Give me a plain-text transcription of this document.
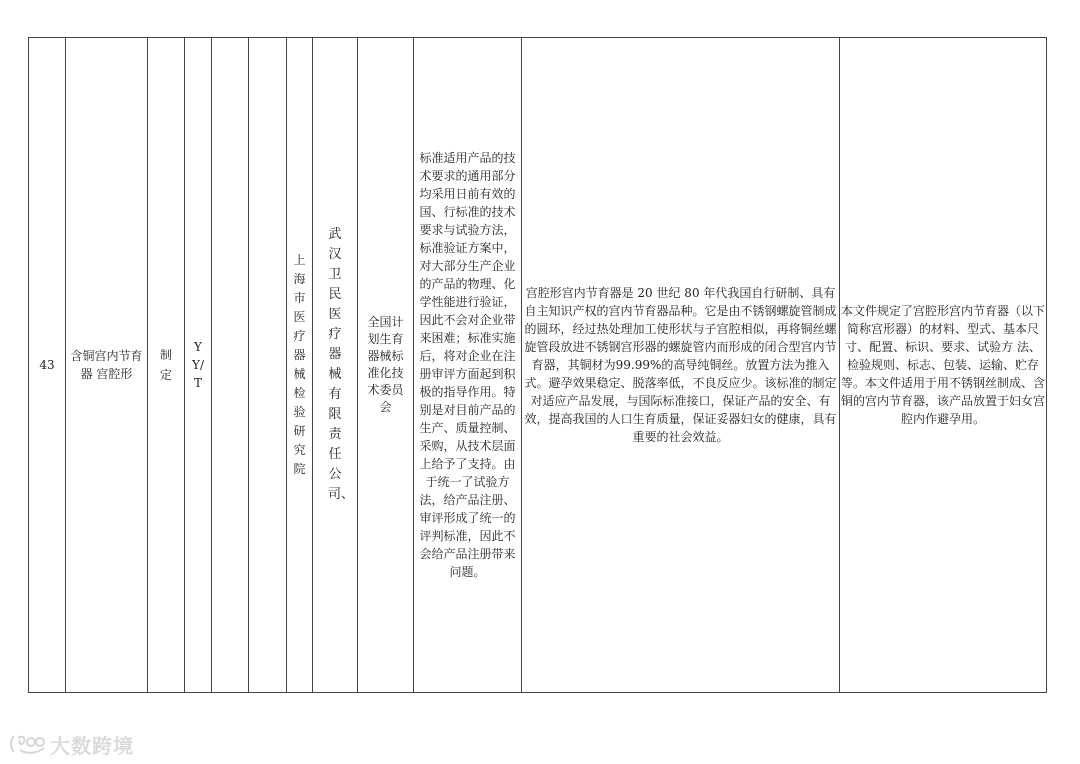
43	含铜宫内节育器 宫腔形	制定	YY/T			上海市医疗器械检验研究院	武汉卫民医疗器械有限责任公司、	全国计划生育器械标准化技术委员会	标准适用产品的技术要求的通用部分均采用日前有效的国、行标准的技术要求与试验方法， 标准验证方案中，对大部分生产企业的产品的物理、化学性能进行验证，因此不会对企业带来困难；标准实施后，将对企业在注册审评方面起到积极的指导作用。特别是对目前产品的生产、质量控制、采购，从技术层面上给予了支持。由于统一了试验方 法，给产品注册、审评形成了统一的评判标准，因此不会给产品注册带来问题。	宫腔形宫内节育器是 20 世纪 80 年代我国自行研制、具有自主知识产权的宫内节育器品种。它是由不锈钢螺旋管制成的圆环，经过热处理加工使形状与子宫腔相似，再将铜丝螺旋管段放进不锈钢宫形器的螺旋管内而形成的闭合型宫内节育器，其铜材为99.99%的高导纯铜丝。放置方法为推入式。避孕效果稳定、脱落率低，不良反应少。该标准的制定对适应产品发展，与国际标准接口，保证产品的安全、有效，提高我国的人口生育质量，保证妥器妇女的健康，具有重要的社会效益。	本文件规定了宫腔形宫内节育器（以下简称宫形器）的材料、型式、基本尺寸、配置、标识、要求、试验方 法、检验规则、标志、包装、运输、贮存等。本文件适用于用不锈钢丝制成、含铜的宫内节育器，该产品放置于妇女宫腔内作避孕用。
大数跨境
